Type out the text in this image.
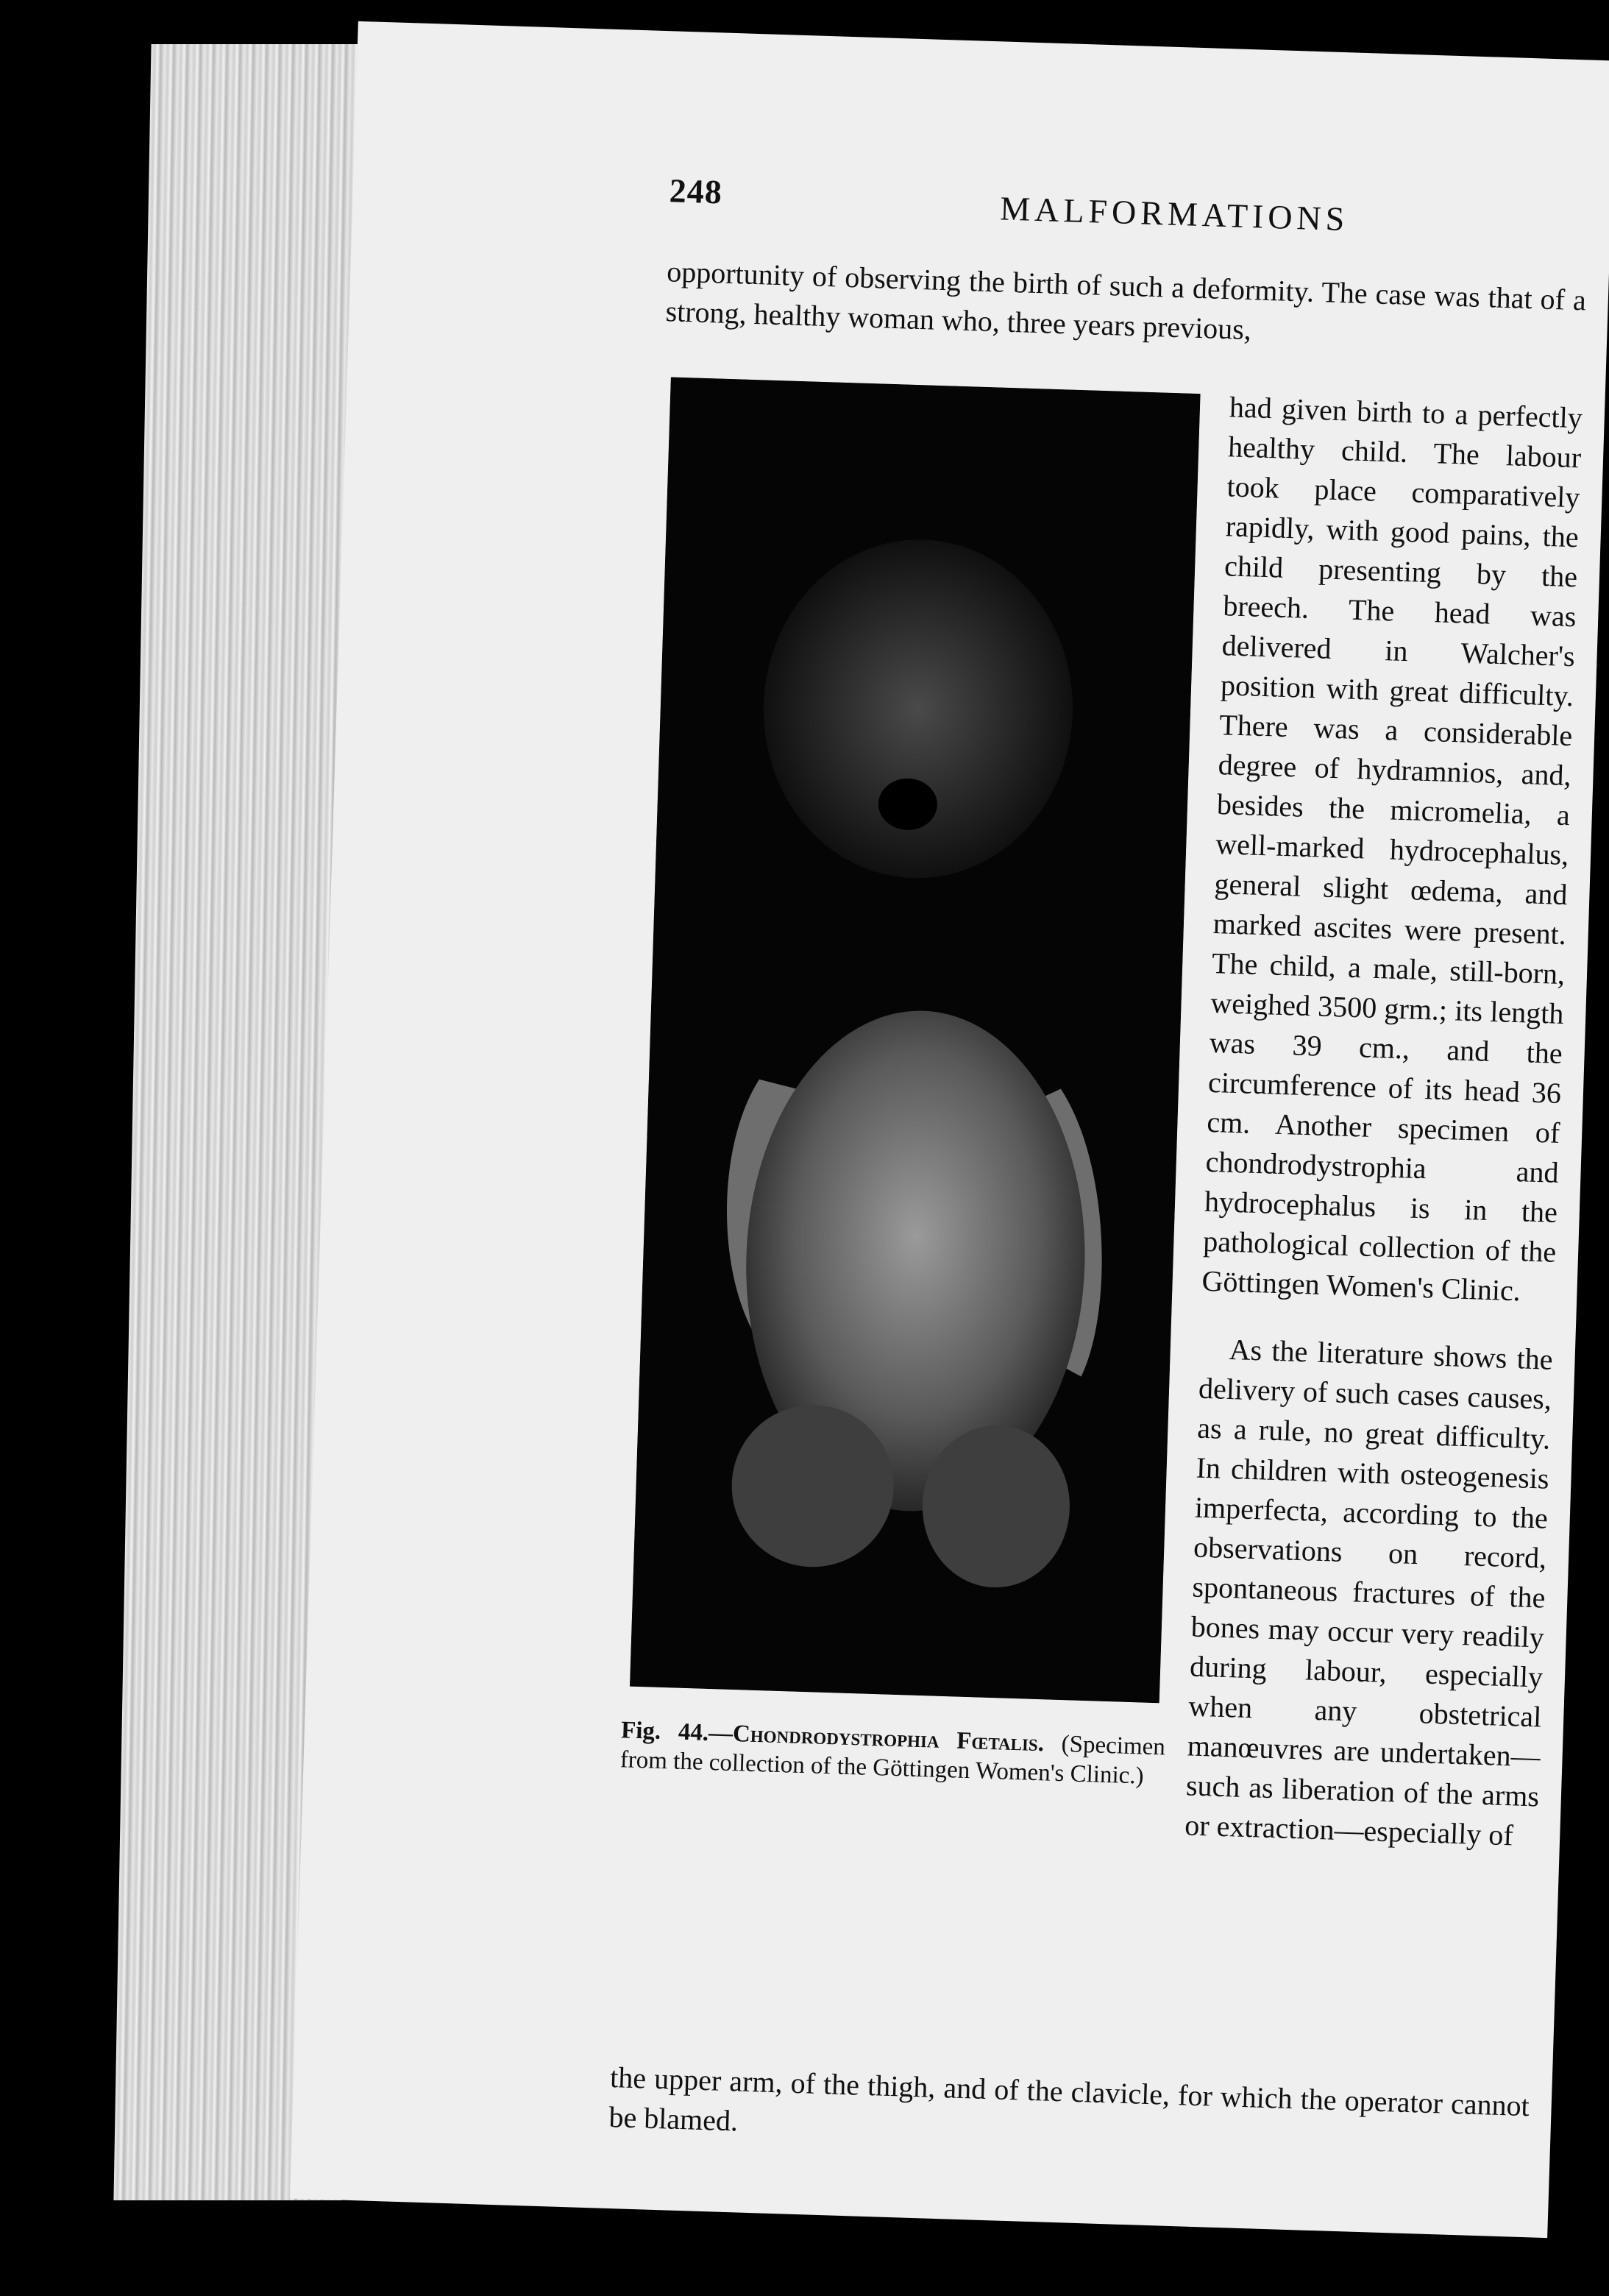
248	MALFORMATIONS

opportunity of observing the birth of such a deformity. The case was that of a strong, healthy woman who, three years previous,

had given birth to a perfectly healthy child. The labour took place comparatively rapidly, with good pains, the child presenting by the breech. The head was delivered in Walcher's position with great difficulty. There was a considerable degree of hydramnios, and, besides the micromelia, a well-marked hydrocephalus, general slight œdema, and marked ascites were present. The child, a male, still-born, weighed 3500 grm.; its length was 39 cm., and the circumference of its head 36 cm. Another specimen of chondrodystrophia and hydrocephalus is in the pathological collection of the Göttingen Women's Clinic.

As the literature shows the delivery of such cases causes, as a rule, no great difficulty. In children with osteogenesis imperfecta, according to the observations on record, spontaneous fractures of the bones may occur very readily during labour, especially when any obstetrical manœuvres are undertaken—such as liberation of the arms or extraction—especially of

Fig. 44.—Chondrodystrophia Fœtalis. (Specimen from the collection of the Göttingen Women's Clinic.)

the upper arm, of the thigh, and of the clavicle, for which the operator cannot be blamed.
